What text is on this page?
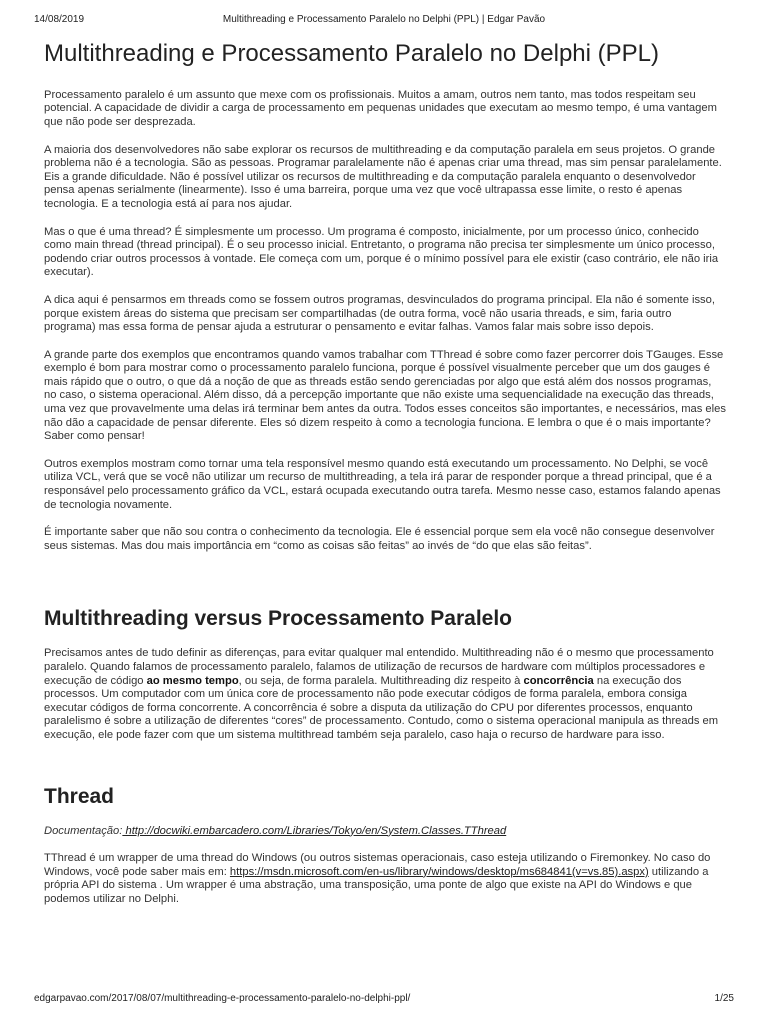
14/08/2019	Multithreading e Processamento Paralelo no Delphi (PPL) | Edgar Pavão
Multithreading e Processamento Paralelo no Delphi (PPL)

Processamento paralelo é um assunto que mexe com os profissionais. Muitos a amam, outros nem tanto, mas todos respeitam seu potencial. A capacidade de dividir a carga de processamento em pequenas unidades que executam ao mesmo tempo, é uma vantagem que não pode ser desprezada.

A maioria dos desenvolvedores não sabe explorar os recursos de multithreading e da computação paralela em seus projetos. O grande problema não é a tecnologia. São as pessoas. Programar paralelamente não é apenas criar uma thread, mas sim pensar paralelamente. Eis a grande dificuldade. Não é possível utilizar os recursos de multithreading e da computação paralela enquanto o desenvolvedor pensa apenas serialmente (linearmente). Isso é uma barreira, porque uma vez que você ultrapassa esse limite, o resto é apenas tecnologia. E a tecnologia está aí para nos ajudar.

Mas o que é uma thread? É simplesmente um processo. Um programa é composto, inicialmente, por um processo único, conhecido como main thread (thread principal). É o seu processo inicial. Entretanto, o programa não precisa ter simplesmente um único processo, podendo criar outros processos à vontade. Ele começa com um, porque é o mínimo possível para ele existir (caso contrário, ele não iria executar).

A dica aqui é pensarmos em threads como se fossem outros programas, desvinculados do programa principal. Ela não é somente isso, porque existem áreas do sistema que precisam ser compartilhadas (de outra forma, você não usaria threads, e sim, faria outro programa) mas essa forma de pensar ajuda a estruturar o pensamento e evitar falhas. Vamos falar mais sobre isso depois.

A grande parte dos exemplos que encontramos quando vamos trabalhar com TThread é sobre como fazer percorrer dois TGauges. Esse exemplo é bom para mostrar como o processamento paralelo funciona, porque é possível visualmente perceber que um dos gauges é mais rápido que o outro, o que dá a noção de que as threads estão sendo gerenciadas por algo que está além dos nossos programas, no caso, o sistema operacional. Além disso, dá a percepção importante que não existe uma sequencialidade na execução das threads, uma vez que provavelmente uma delas irá terminar bem antes da outra. Todos esses conceitos são importantes, e necessários, mas eles não dão a capacidade de pensar diferente. Eles só dizem respeito à como a tecnologia funciona. E lembra o que é o mais importante? Saber como pensar!

Outros exemplos mostram como tornar uma tela responsível mesmo quando está executando um processamento. No Delphi, se você utiliza VCL, verá que se você não utilizar um recurso de multithreading, a tela irá parar de responder porque a thread principal, que é a responsável pelo processamento gráfico da VCL, estará ocupada executando outra tarefa. Mesmo nesse caso, estamos falando apenas de tecnologia novamente.

É importante saber que não sou contra o conhecimento da tecnologia. Ele é essencial porque sem ela você não consegue desenvolver seus sistemas. Mas dou mais importância em “como as coisas são feitas” ao invés de “do que elas são feitas”.

Multithreading versus Processamento Paralelo

Precisamos antes de tudo definir as diferenças, para evitar qualquer mal entendido. Multithreading não é o mesmo que processamento paralelo. Quando falamos de processamento paralelo, falamos de utilização de recursos de hardware com múltiplos processadores e execução de código ao mesmo tempo, ou seja, de forma paralela. Multithreading diz respeito à concorrência na execução dos processos. Um computador com um única core de processamento não pode executar códigos de forma paralela, embora consiga executar códigos de forma concorrente. A concorrência é sobre a disputa da utilização do CPU por diferentes processos, enquanto paralelismo é sobre a utilização de diferentes “cores” de processamento. Contudo, como o sistema operacional manipula as threads em execução, ele pode fazer com que um sistema multithread também seja paralelo, caso haja o recurso de hardware para isso.

Thread

Documentação: http://docwiki.embarcadero.com/Libraries/Tokyo/en/System.Classes.TThread

TThread é um wrapper de uma thread do Windows (ou outros sistemas operacionais, caso esteja utilizando o Firemonkey. No caso do Windows, você pode saber mais em: https://msdn.microsoft.com/en-us/library/windows/desktop/ms684841(v=vs.85).aspx) utilizando a própria API do sistema . Um wrapper é uma abstração, uma transposição, uma ponte de algo que existe na API do Windows e que podemos utilizar no Delphi.

edgarpavao.com/2017/08/07/multithreading-e-processamento-paralelo-no-delphi-ppl/	1/25
